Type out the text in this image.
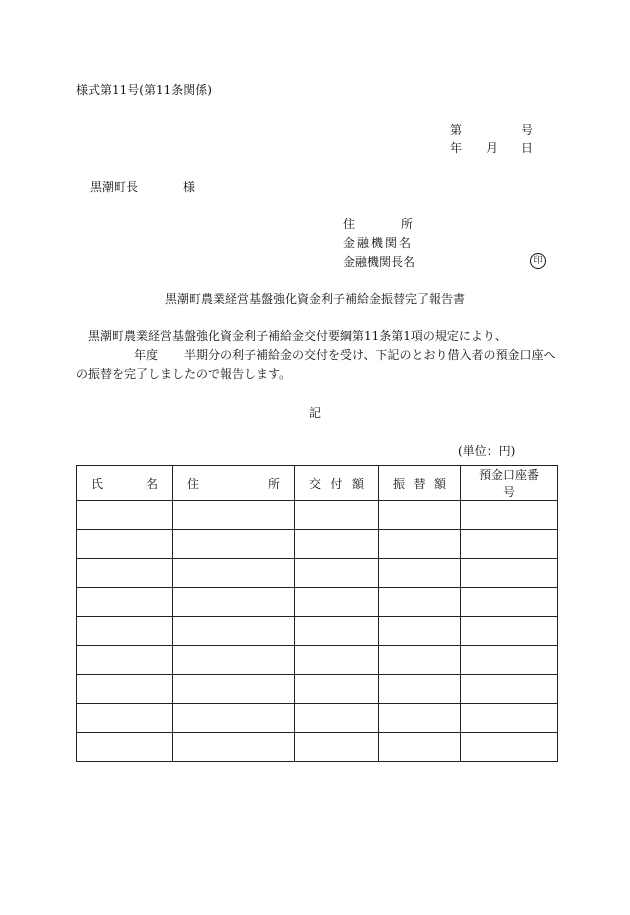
様式第11号(第11条関係)
第	号
年 月 日
黒潮町長	様
住	所
金融機関名
金融機関長名	印
黒潮町農業経営基盤強化資金利子補給金振替完了報告書
黒潮町農業経営基盤強化資金利子補給金交付要綱第11条第1項の規定により、年度 半期分の利子補給金の交付を受け、下記のとおり借入者の預金口座への振替を完了しましたので報告します。
記
(単位：円)
氏 名	住 所	交 付 額	振 替 額	預金口座番号
